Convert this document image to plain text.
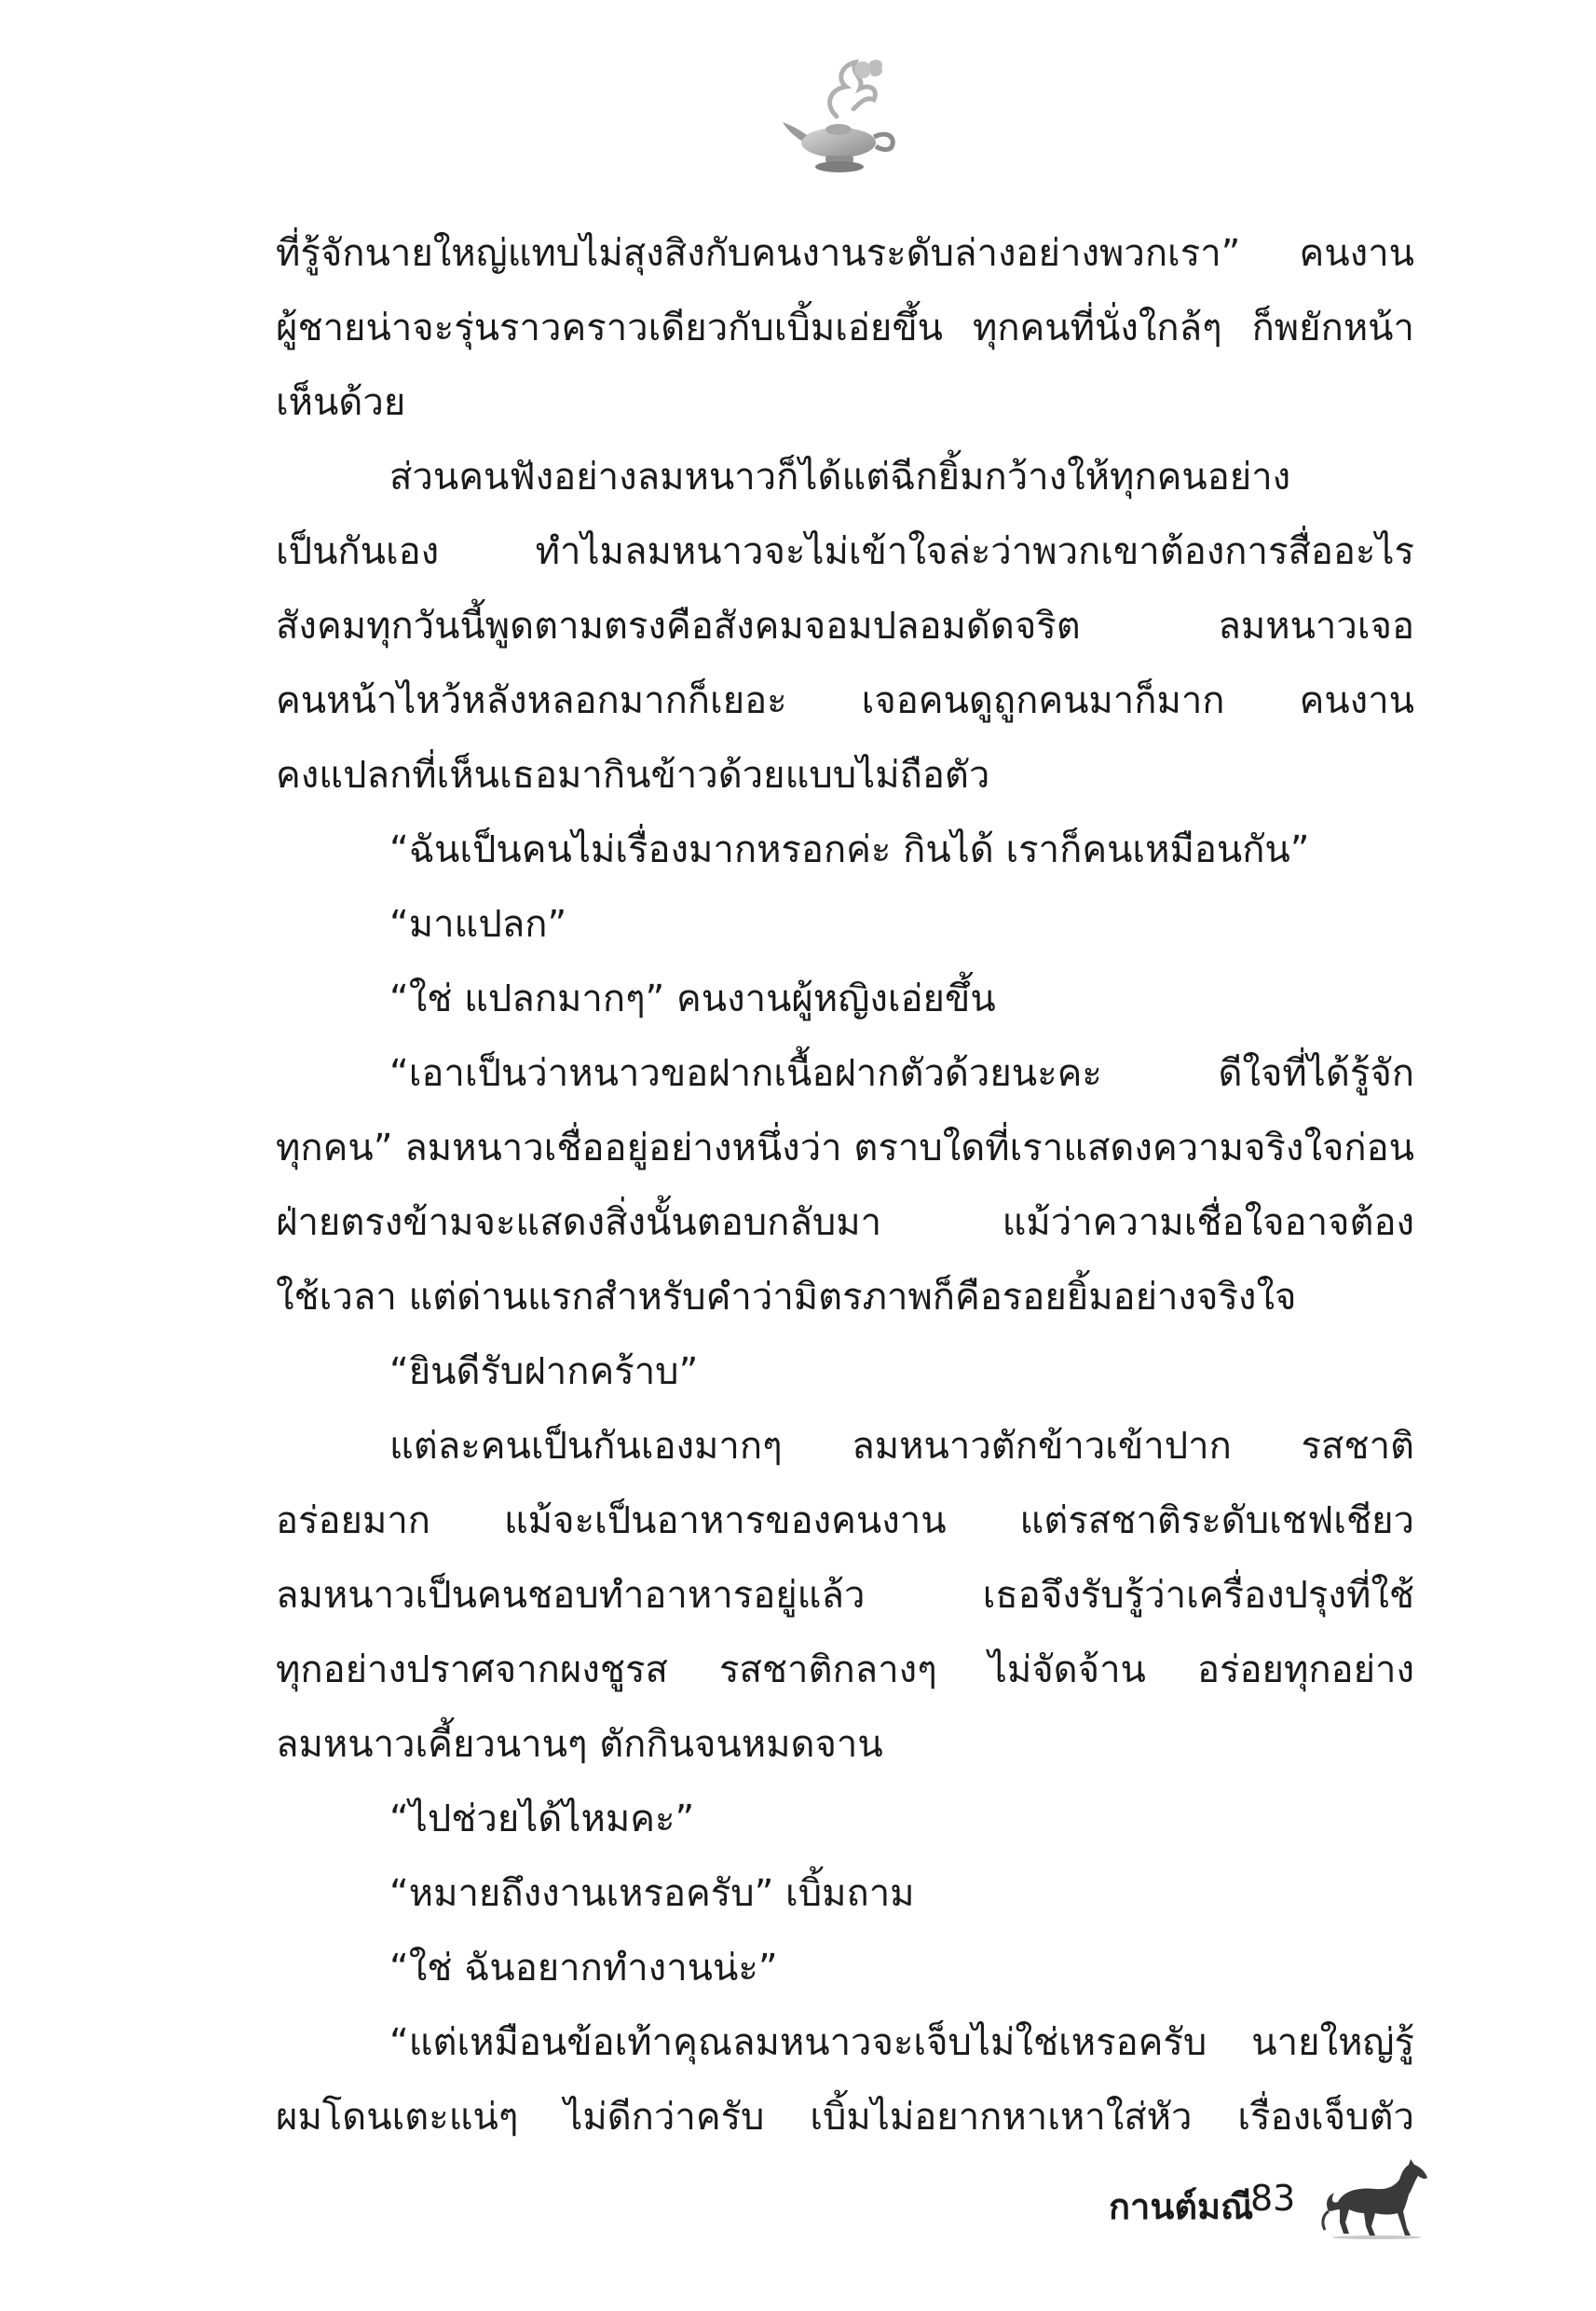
ที่รู้จักนายใหญ่แทบไม่สุงสิงกับคนงานระดับล่างอย่างพวกเรา” คนงาน
ผู้ชายน่าจะรุ่นราวคราวเดียวกับเบิ้มเอ่ยขึ้น ทุกคนที่นั่งใกล้ๆ ก็พยักหน้า
เห็นด้วย
ส่วนคนฟังอย่างลมหนาวก็ได้แต่ฉีกยิ้มกว้างให้ทุกคนอย่าง
เป็นกันเอง ทำไมลมหนาวจะไม่เข้าใจล่ะว่าพวกเขาต้องการสื่ออะไร
สังคมทุกวันนี้พูดตามตรงคือสังคมจอมปลอมดัดจริต ลมหนาวเจอ
คนหน้าไหว้หลังหลอกมากก็เยอะ เจอคนดูถูกคนมาก็มาก คนงาน
คงแปลกที่เห็นเธอมากินข้าวด้วยแบบไม่ถือตัว
“ฉันเป็นคนไม่เรื่องมากหรอกค่ะ กินได้ เราก็คนเหมือนกัน”
“มาแปลก”
“ใช่ แปลกมากๆ” คนงานผู้หญิงเอ่ยขึ้น
“เอาเป็นว่าหนาวขอฝากเนื้อฝากตัวด้วยนะคะ ดีใจที่ได้รู้จัก
ทุกคน” ลมหนาวเชื่ออยู่อย่างหนึ่งว่า ตราบใดที่เราแสดงความจริงใจก่อน
ฝ่ายตรงข้ามจะแสดงสิ่งนั้นตอบกลับมา แม้ว่าความเชื่อใจอาจต้อง
ใช้เวลา แต่ด่านแรกสำหรับคำว่ามิตรภาพก็คือรอยยิ้มอย่างจริงใจ
“ยินดีรับฝากคร้าบ”
แต่ละคนเป็นกันเองมากๆ ลมหนาวตักข้าวเข้าปาก รสชาติ
อร่อยมาก แม้จะเป็นอาหารของคนงาน แต่รสชาติระดับเชฟเชียว
ลมหนาวเป็นคนชอบทำอาหารอยู่แล้ว เธอจึงรับรู้ว่าเครื่องปรุงที่ใช้
ทุกอย่างปราศจากผงชูรส รสชาติกลางๆ ไม่จัดจ้าน อร่อยทุกอย่าง
ลมหนาวเคี้ยวนานๆ ตักกินจนหมดจาน
“ไปช่วยได้ไหมคะ”
“หมายถึงงานเหรอครับ” เบิ้มถาม
“ใช่ ฉันอยากทำงานน่ะ”
“แต่เหมือนข้อเท้าคุณลมหนาวจะเจ็บไม่ใช่เหรอครับ นายใหญ่รู้
ผมโดนเตะแน่ๆ ไม่ดีกว่าครับ เบิ้มไม่อยากหาเหาใส่หัว เรื่องเจ็บตัว
กานต์มณี
83
